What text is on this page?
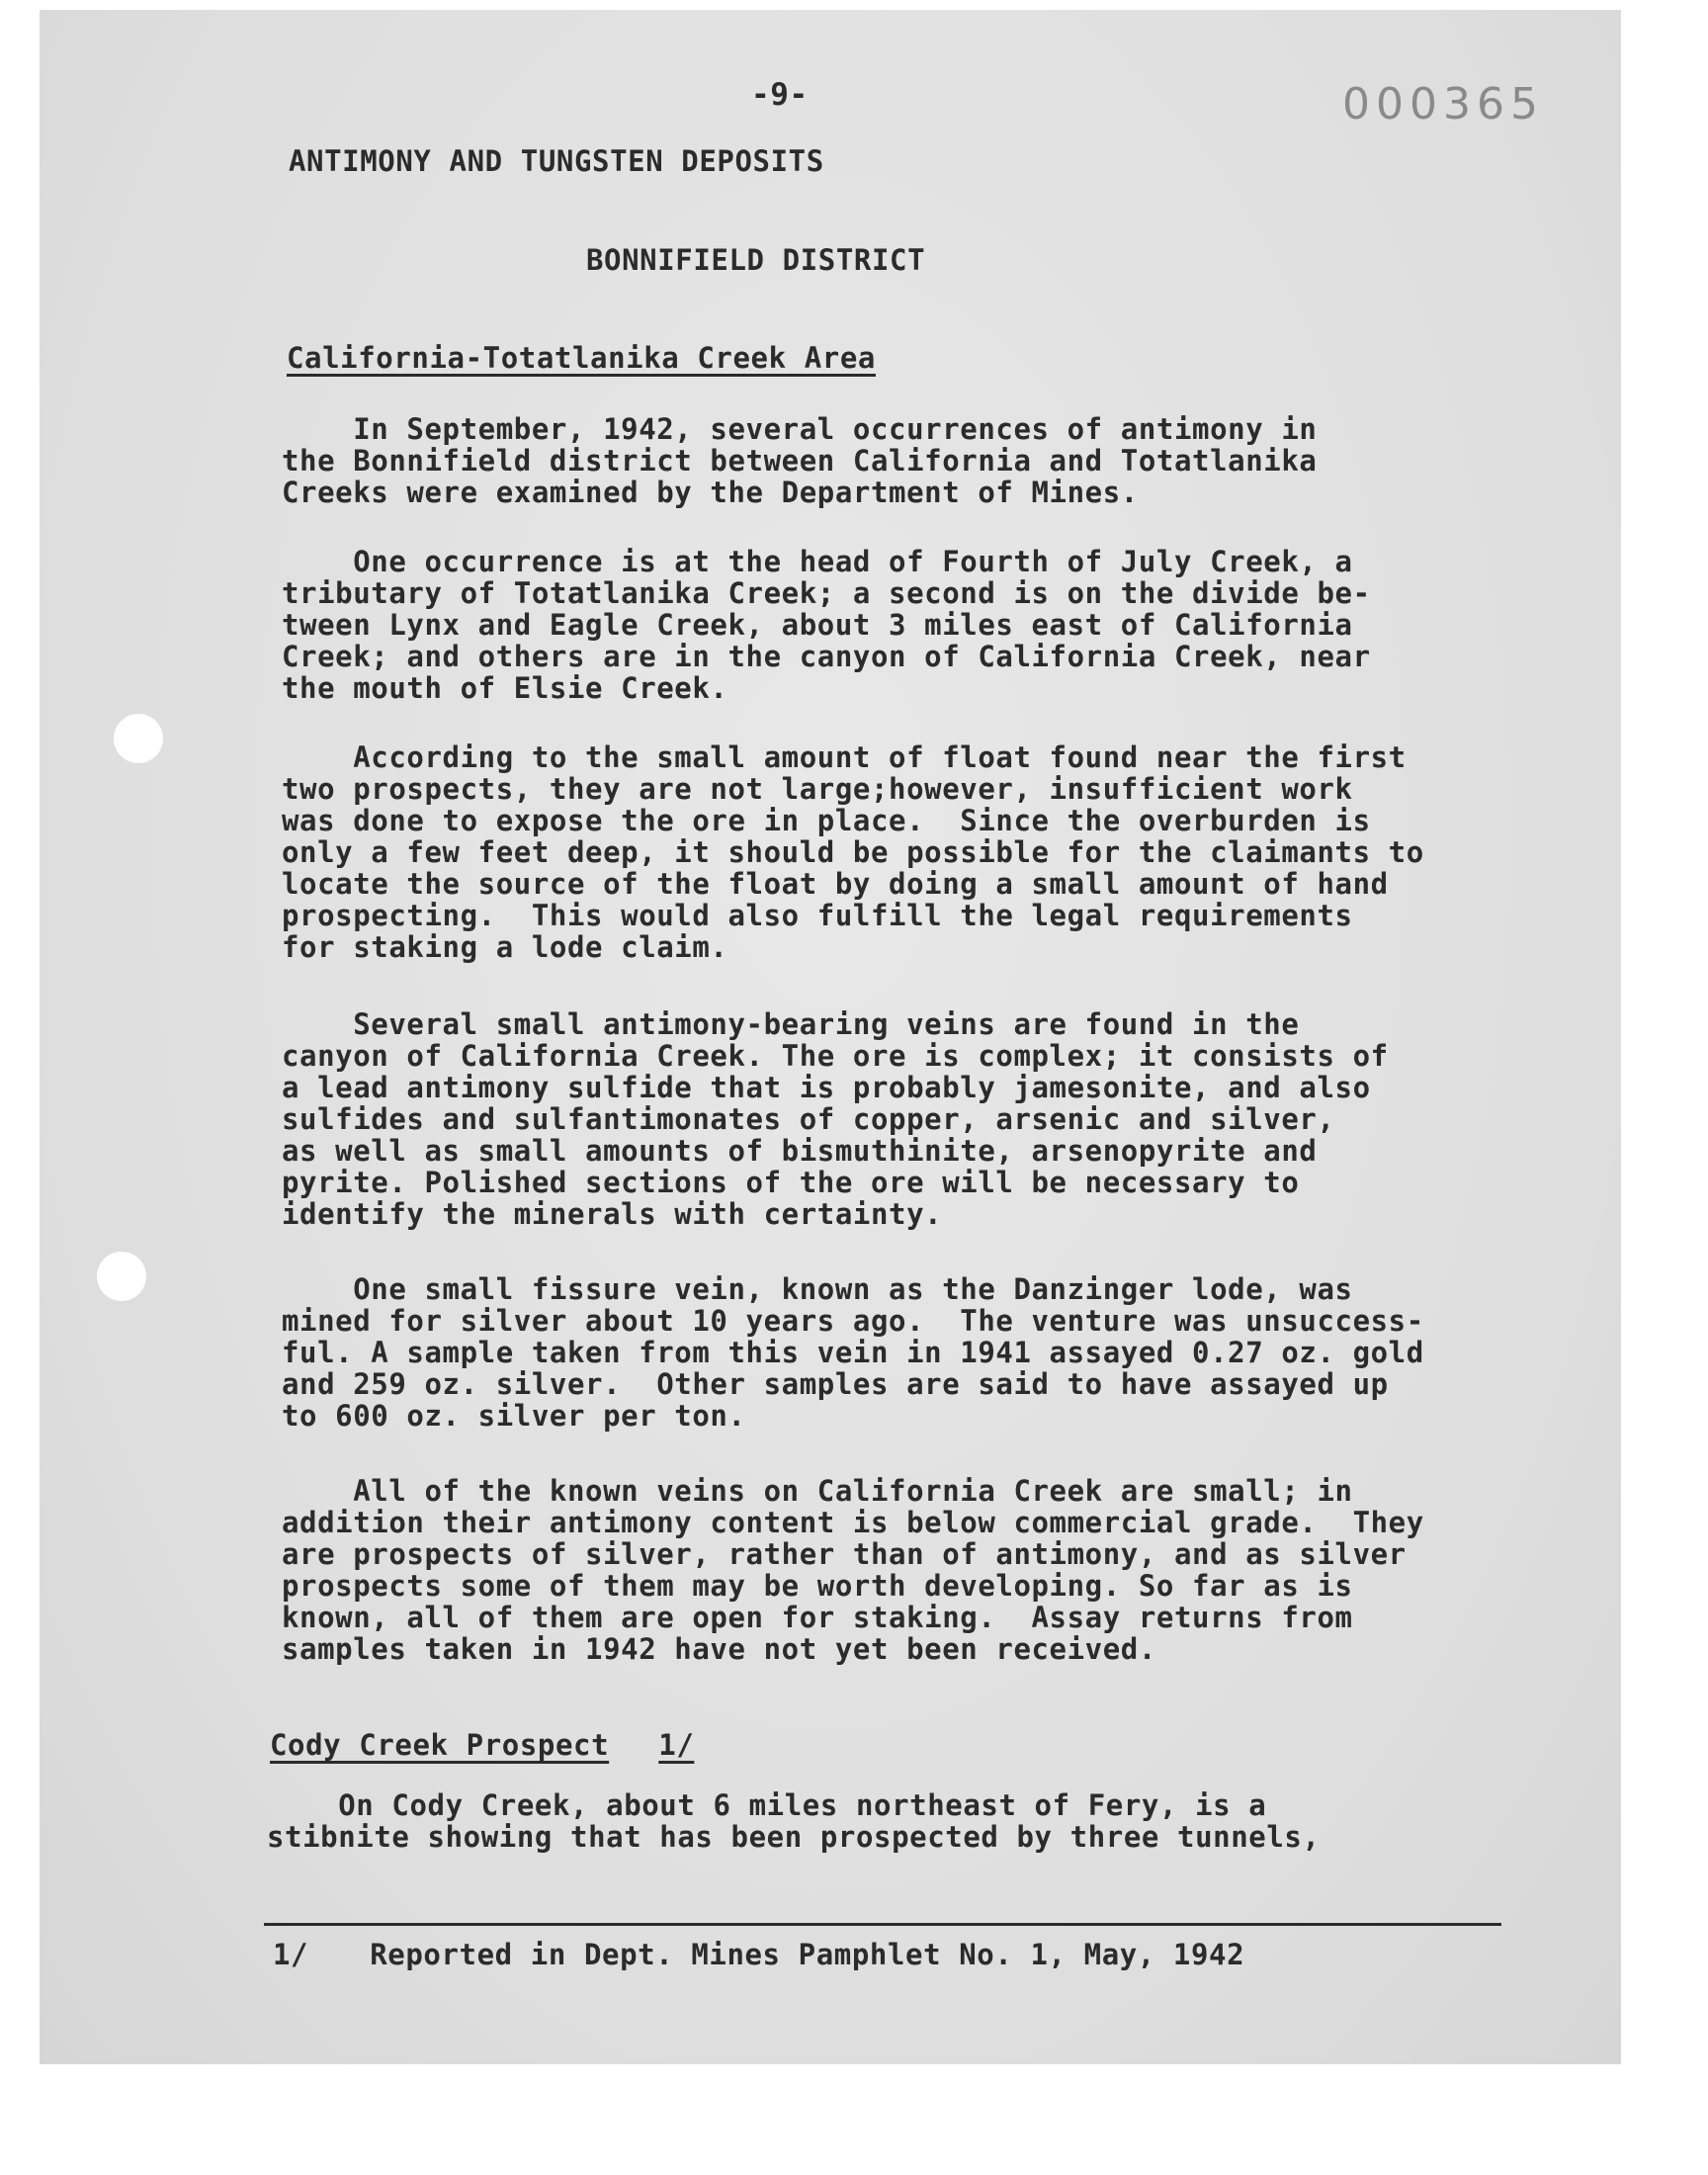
-9-	000365
ANTIMONY AND TUNGSTEN DEPOSITS
BONNIFIELD DISTRICT
California-Totatlanika Creek Area

In September, 1942, several occurrences of antimony in
the Bonnifield district between California and Totatlanika
Creeks were examined by the Department of Mines.

One occurrence is at the head of Fourth of July Creek, a
tributary of Totatlanika Creek; a second is on the divide be-
tween Lynx and Eagle Creek, about 3 miles east of California
Creek; and others are in the canyon of California Creek, near
the mouth of Elsie Creek.

According to the small amount of float found near the first
two prospects, they are not large;however, insufficient work
was done to expose the ore in place.  Since the overburden is
only a few feet deep, it should be possible for the claimants to
locate the source of the float by doing a small amount of hand
prospecting.  This would also fulfill the legal requirements
for staking a lode claim.

Several small antimony-bearing veins are found in the
canyon of California Creek. The ore is complex; it consists of
a lead antimony sulfide that is probably jamesonite, and also
sulfides and sulfantimonates of copper, arsenic and silver,
as well as small amounts of bismuthinite, arsenopyrite and
pyrite. Polished sections of the ore will be necessary to
identify the minerals with certainty.

One small fissure vein, known as the Danzinger lode, was
mined for silver about 10 years ago.  The venture was unsuccess-
ful. A sample taken from this vein in 1941 assayed 0.27 oz. gold
and 259 oz. silver.  Other samples are said to have assayed up
to 600 oz. silver per ton.

All of the known veins on California Creek are small; in
addition their antimony content is below commercial grade.  They
are prospects of silver, rather than of antimony, and as silver
prospects some of them may be worth developing. So far as is
known, all of them are open for staking.  Assay returns from
samples taken in 1942 have not yet been received.

Cody Creek Prospect 1/

On Cody Creek, about 6 miles northeast of Fery, is a
stibnite showing that has been prospected by three tunnels,

1/ Reported in Dept. Mines Pamphlet No. 1, May, 1942
